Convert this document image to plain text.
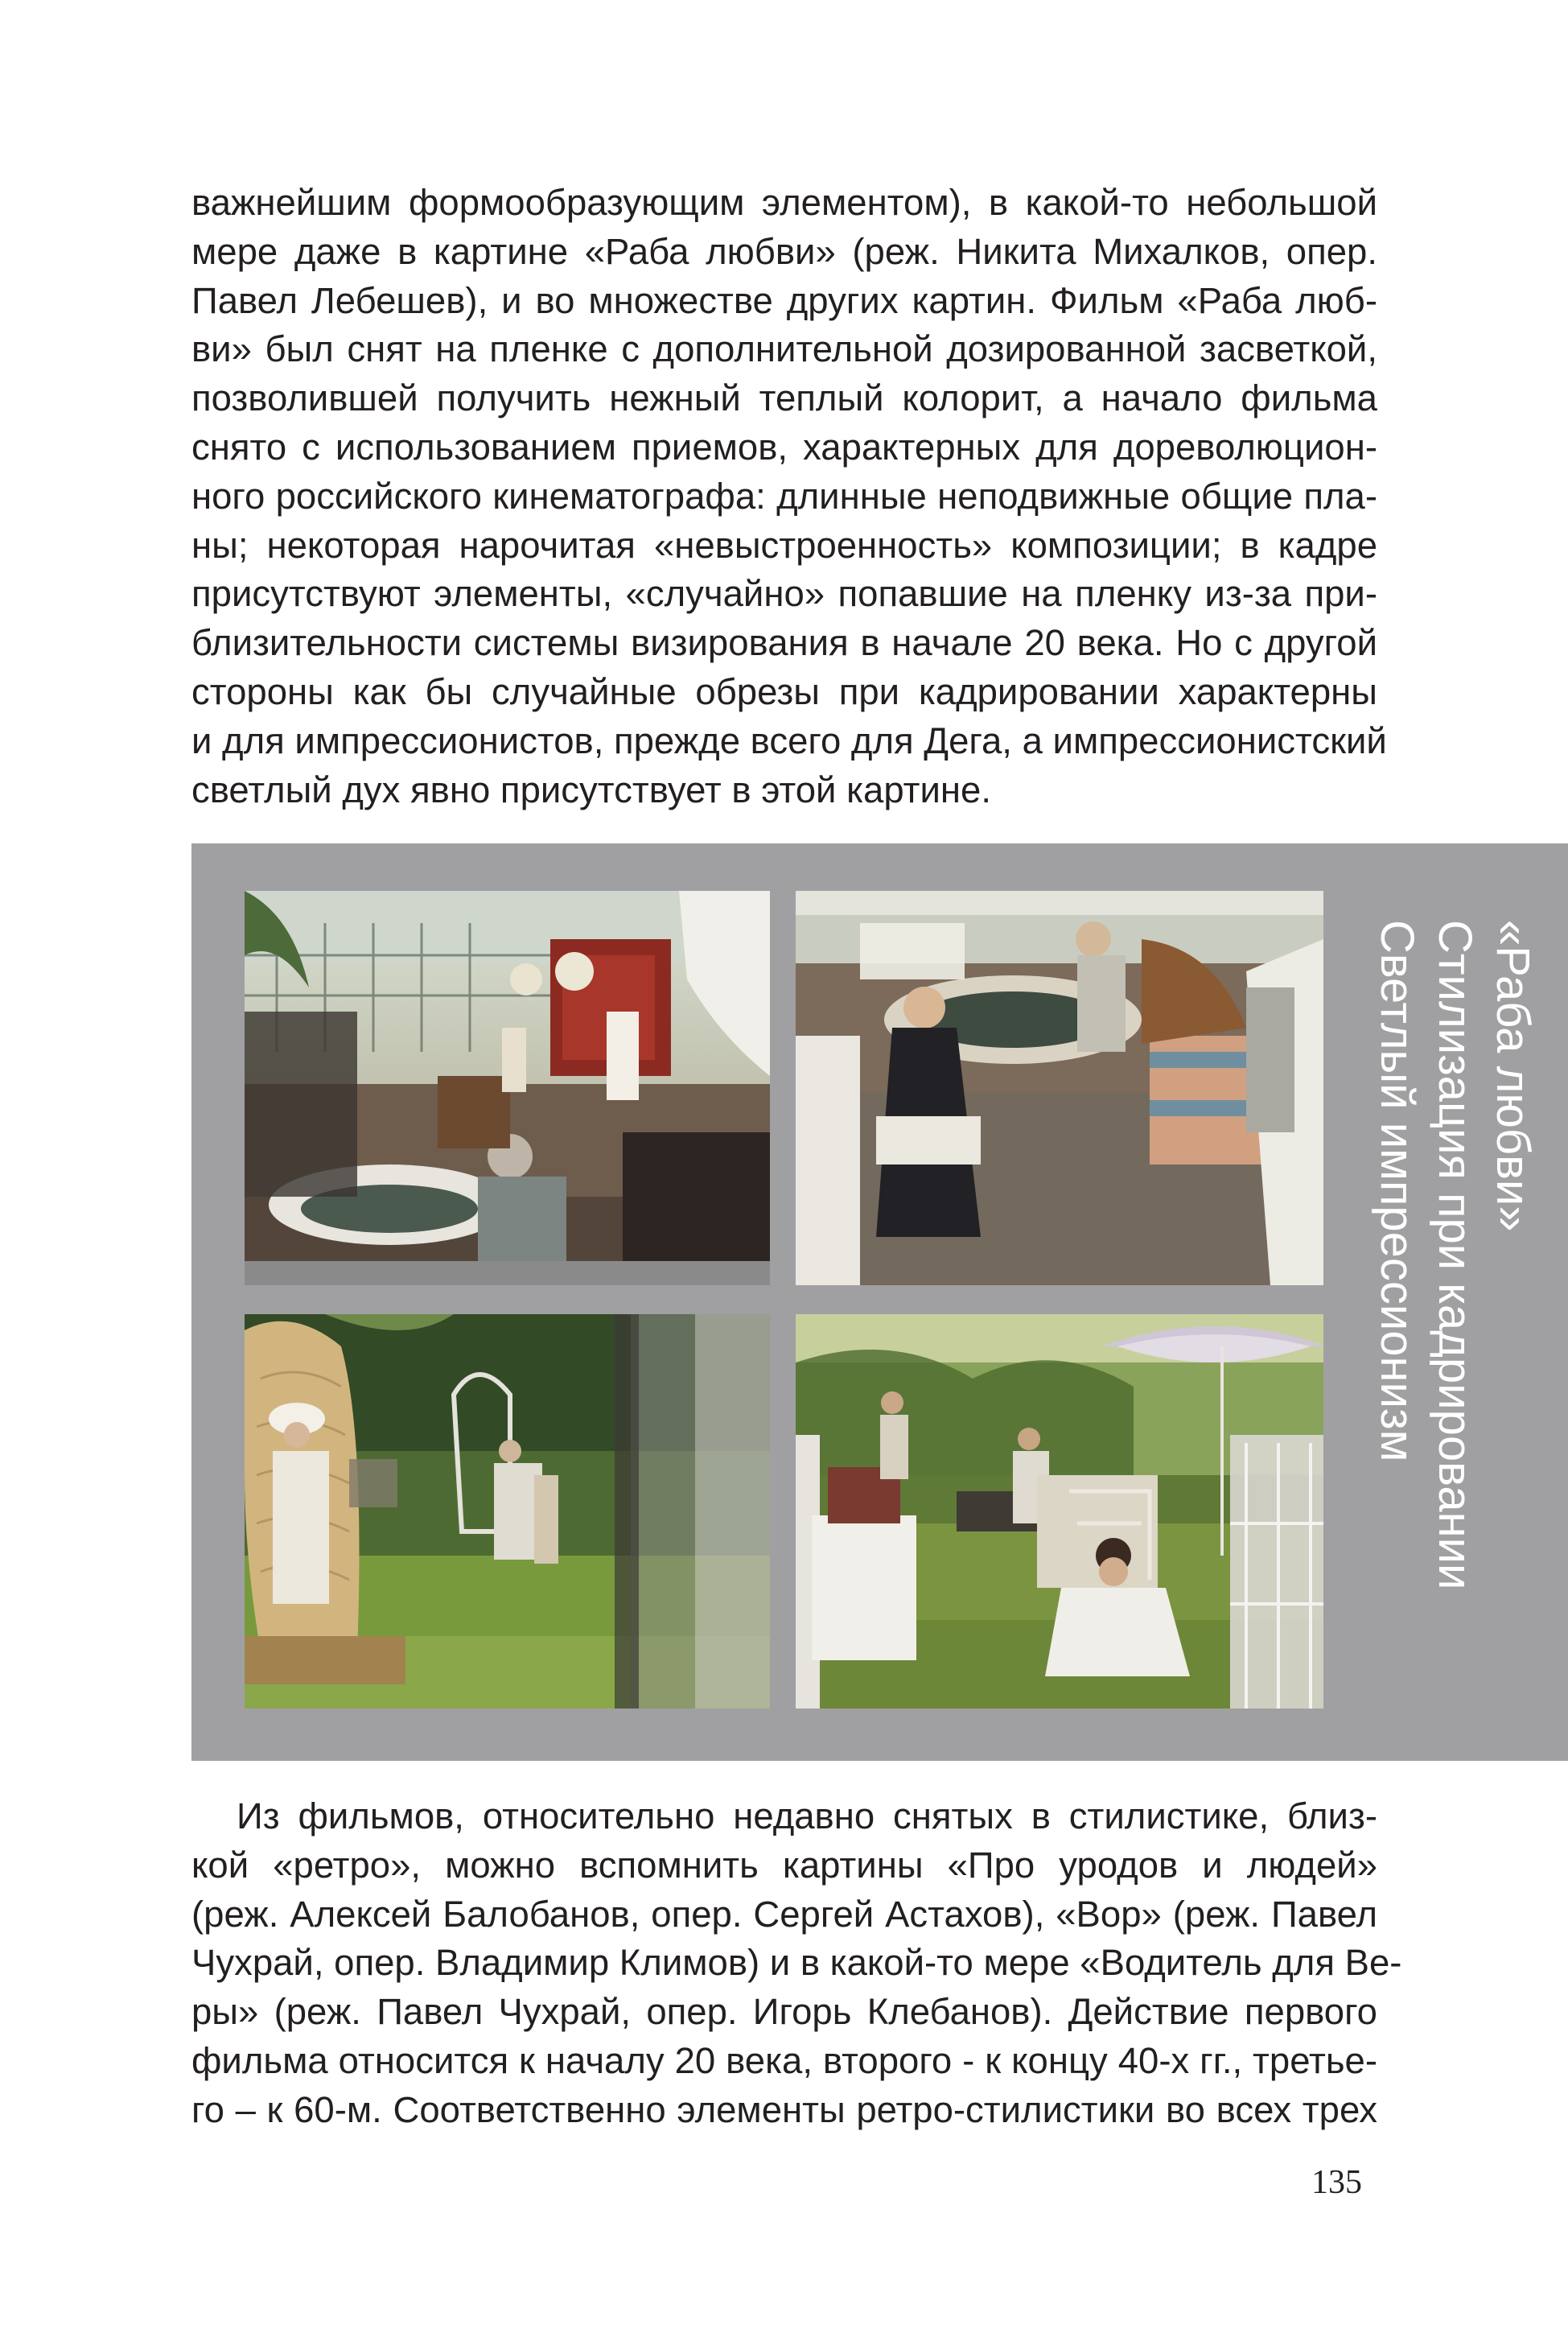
важнейшим формообразующим элементом), в какой-то небольшой
мере даже в картине «Раба любви» (реж. Никита Михалков, опер.
Павел Лебешев), и во множестве других картин. Фильм «Раба люб-
ви» был снят на пленке с дополнительной дозированной засветкой,
позволившей получить нежный теплый колорит, а начало фильма
снято с использованием приемов, характерных для дореволюцион-
ного российского кинематографа: длинные неподвижные общие пла-
ны; некоторая нарочитая «невыстроенность» композиции; в кадре
присутствуют элементы, «случайно» попавшие на пленку из-за при-
близительности системы визирования в начале 20 века. Но с другой
стороны как бы случайные обрезы при кадрировании характерны
и для импрессионистов, прежде всего для Дега, а импрессионистский
светлый дух явно присутствует в этой картине.
«Раба любви»
Стилизация при кадрировании
Светлый импрессионизм
Из фильмов, относительно недавно снятых в стилистике, близ-
кой «ретро», можно вспомнить картины «Про уродов и людей»
(реж. Алексей Балобанов, опер. Сергей Астахов), «Вор» (реж. Павел
Чухрай, опер. Владимир Климов) и в какой-то мере «Водитель для Ве-
ры» (реж. Павел Чухрай, опер. Игорь Клебанов). Действие первого
фильма относится к началу 20 века, второго - к концу 40-х гг., третье-
го – к 60-м. Соответственно элементы ретро-стилистики во всех трех
135
